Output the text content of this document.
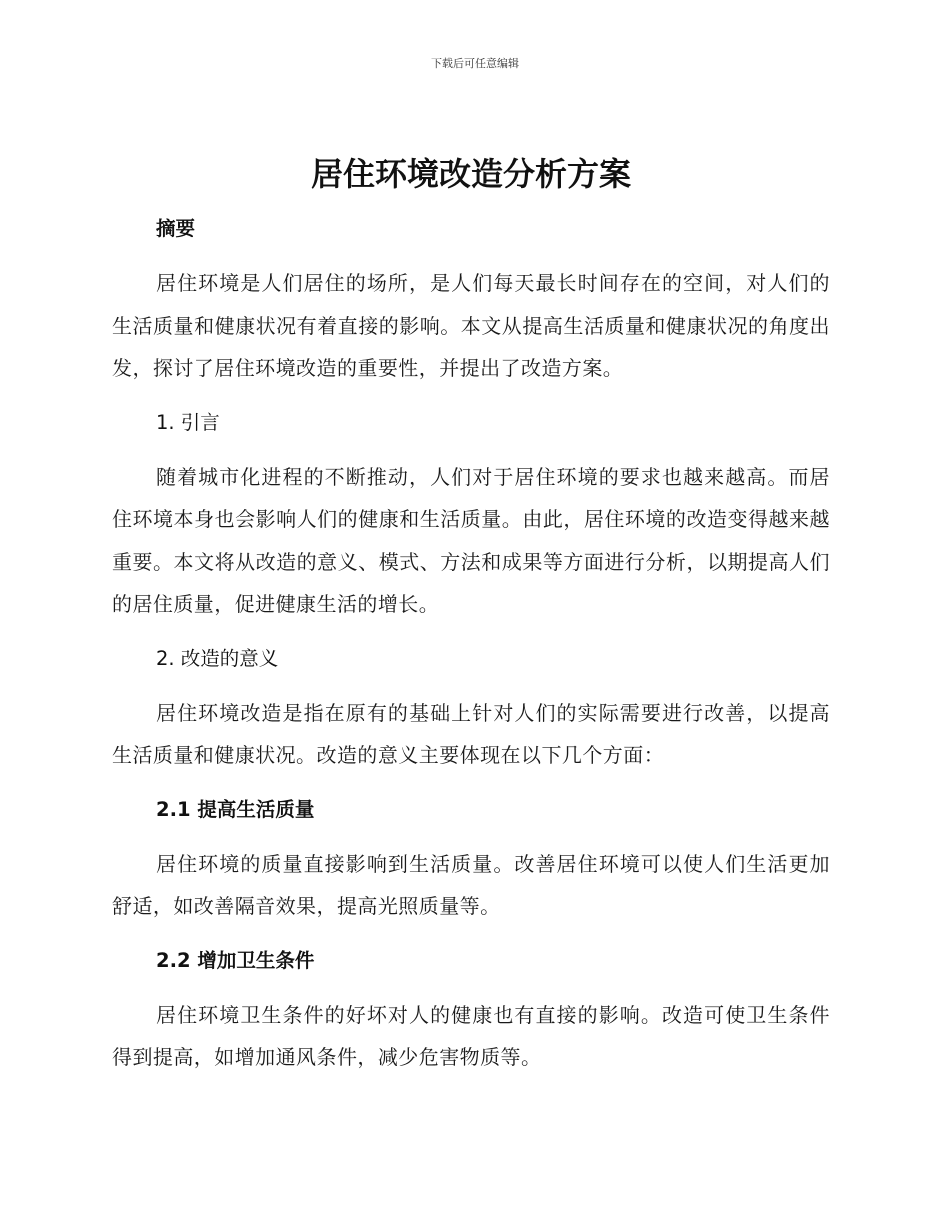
下载后可任意编辑
居住环境改造分析方案
摘要

居住环境是人们居住的场所，是人们每天最长时间存在的空间，对人们的生活质量和健康状况有着直接的影响。本文从提高生活质量和健康状况的角度出发，探讨了居住环境改造的重要性，并提出了改造方案。

1. 引言

随着城市化进程的不断推动，人们对于居住环境的要求也越来越高。而居住环境本身也会影响人们的健康和生活质量。由此，居住环境的改造变得越来越重要。本文将从改造的意义、模式、方法和成果等方面进行分析，以期提高人们的居住质量，促进健康生活的增长。

2. 改造的意义

居住环境改造是指在原有的基础上针对人们的实际需要进行改善，以提高生活质量和健康状况。改造的意义主要体现在以下几个方面：

2.1 提高生活质量

居住环境的质量直接影响到生活质量。改善居住环境可以使人们生活更加舒适，如改善隔音效果，提高光照质量等。

2.2 增加卫生条件

居住环境卫生条件的好坏对人的健康也有直接的影响。改造可使卫生条件得到提高，如增加通风条件，减少危害物质等。
